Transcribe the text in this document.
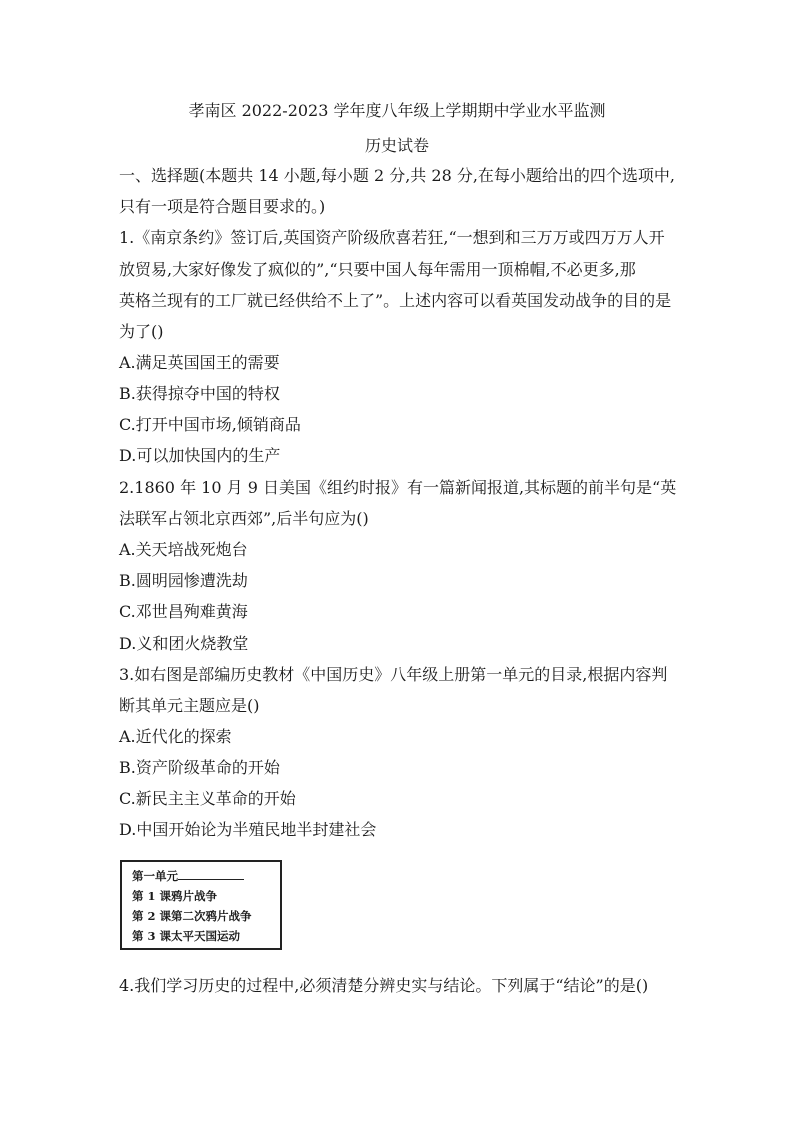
孝南区 2022-2023 学年度八年级上学期期中学业水平监测
历史试卷

一、选择题(本题共 14 小题,每小题 2 分,共 28 分,在每小题给出的四个选项中,

只有一项是符合题目要求的。)

1.《南京条约》签订后,英国资产阶级欣喜若狂,“一想到和三万万或四万万人开

放贸易,大家好像发了疯似的”,“只要中国人每年需用一顶棉帽,不必更多,那

英格兰现有的工厂就已经供给不上了”。上述内容可以看英国发动战争的目的是

为了()

A.满足英国国王的需要

B.获得掠夺中国的特权

C.打开中国市场,倾销商品

D.可以加快国内的生产

2.1860 年 10 月 9 日美国《组约时报》有一篇新闻报道,其标题的前半句是“英

法联军占领北京西郊”,后半句应为()

A.关天培战死炮台

B.圆明园惨遭洗劫

C.邓世昌殉难黄海

D.义和团火烧教堂

3.如右图是部编历史教材《中国历史》八年级上册第一单元的目录,根据内容判

断其单元主题应是()

A.近代化的探索

B.资产阶级革命的开始

C.新民主主义革命的开始

D.中国开始论为半殖民地半封建社会

第一单元
第 1 课鸦片战争
第 2 课第二次鸦片战争
第 3 课太平天国运动

4.我们学习历史的过程中,必须清楚分辨史实与结论。下列属于“结论”的是()
